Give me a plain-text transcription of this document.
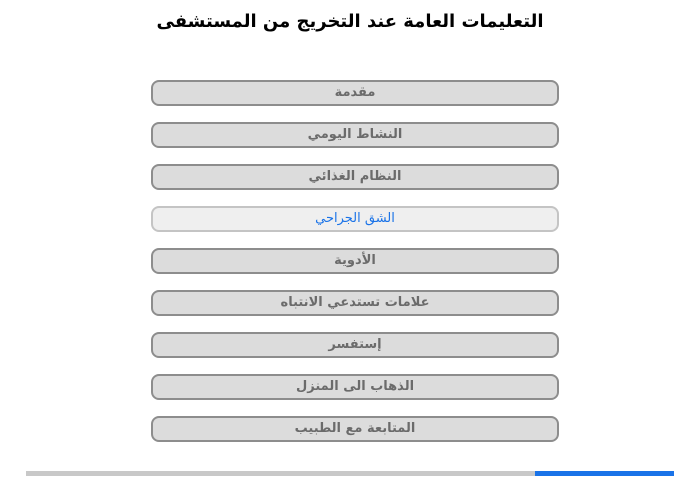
التعليمات العامة عند التخريج من المستشفى
مقدمة
النشاط اليومي
النظام الغذائي
الشق الجراحي
الأدوية
علامات تستدعي الانتباه
إستفسر
الذهاب الى المنزل
المتابعة مع الطبيب
